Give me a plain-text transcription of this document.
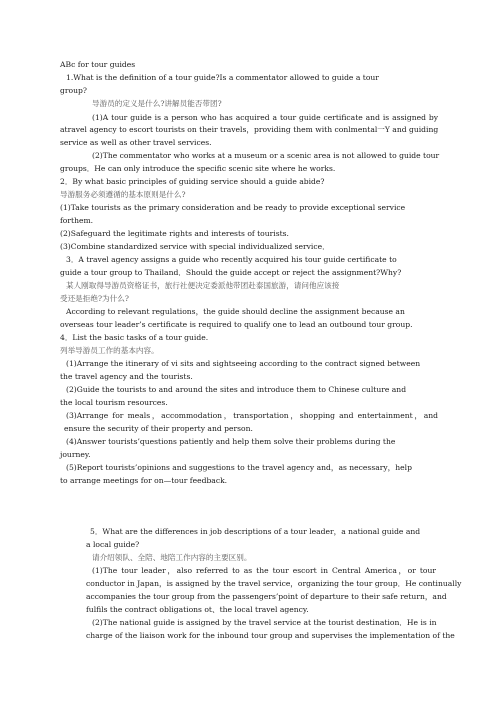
ABc for tour guides
1.What is the definition of a tour guide?Is a commentator allowed to guide a tour
group?
导游员的定义是什么?讲解员能否带团?
(1)A tour guide is a person who has acquired a tour guide certificate and is assigned by
atravel agency to escort tourists on their travels，providing them with conlmental一Y and guiding
service as well as other travel services.
(2)The commentator who works at a museum or a scenic area is not allowed to guide tour
groups．He can only introduce the specific scenic site where he works.
2．By what basic principles of guiding service should a guide abide?
导游服务必须遵循的基本原则是什么?
(1)Take tourists as the primary consideration and be ready to provide exceptional service
forthem.
(2)Safeguard the legitimate rights and interests of tourists.
(3)Combine standardized service with special individualized service．
3．A travel agency assigns a guide who recently acquired his tour guide certificate to
guide a tour group to Thailand．Should the guide accept or reject the assignment?Why?
某人刚取得导游员资格证书，旅行社便决定委派他带团赴泰国旅游，请问他应该接
受还是拒绝?为什么?
According to relevant regulations，the guide should decline the assignment because an
overseas tour leader’s certificate is required to qualify one to lead an outbound tour group.
4．List the basic tasks of a tour guide.
列举导游员工作的基本内容。
(1)Arrange the itinerary of vi sits and sightseeing according to the contract signed between
the travel agency and the tourists.
(2)Guide the tourists to and around the sites and introduce them to Chinese culture and
the local tourism resources.
(3)Arrange for meals，accommodation，transportation，shopping and entertainment，and
ensure the security of their property and person.
(4)Answer tourists’questions patiently and help them solve their problems during the
journey.
(5)Report tourists’opinions and suggestions to the travel agency and，as necessary，help
to arrange meetings for on—tour feedback.
5．What are the differences in job descriptions of a tour leader，a national guide and
a local guide?
请介绍领队、全陪、地陪工作内容的主要区别。
(1)The tour leader，also referred to as the tour escort in Central America，or tour
conductor in Japan，is assigned by the travel service，organizing the tour group．He continually
accompanies the tour group from the passengers’point of departure to their safe return，and
fulfils the contract obligations ot、the local travel agency.
(2)The national guide is assigned by the travel service at the tourist destination．He is in
charge of the liaison work for the inbound tour group and supervises the implementation of the
